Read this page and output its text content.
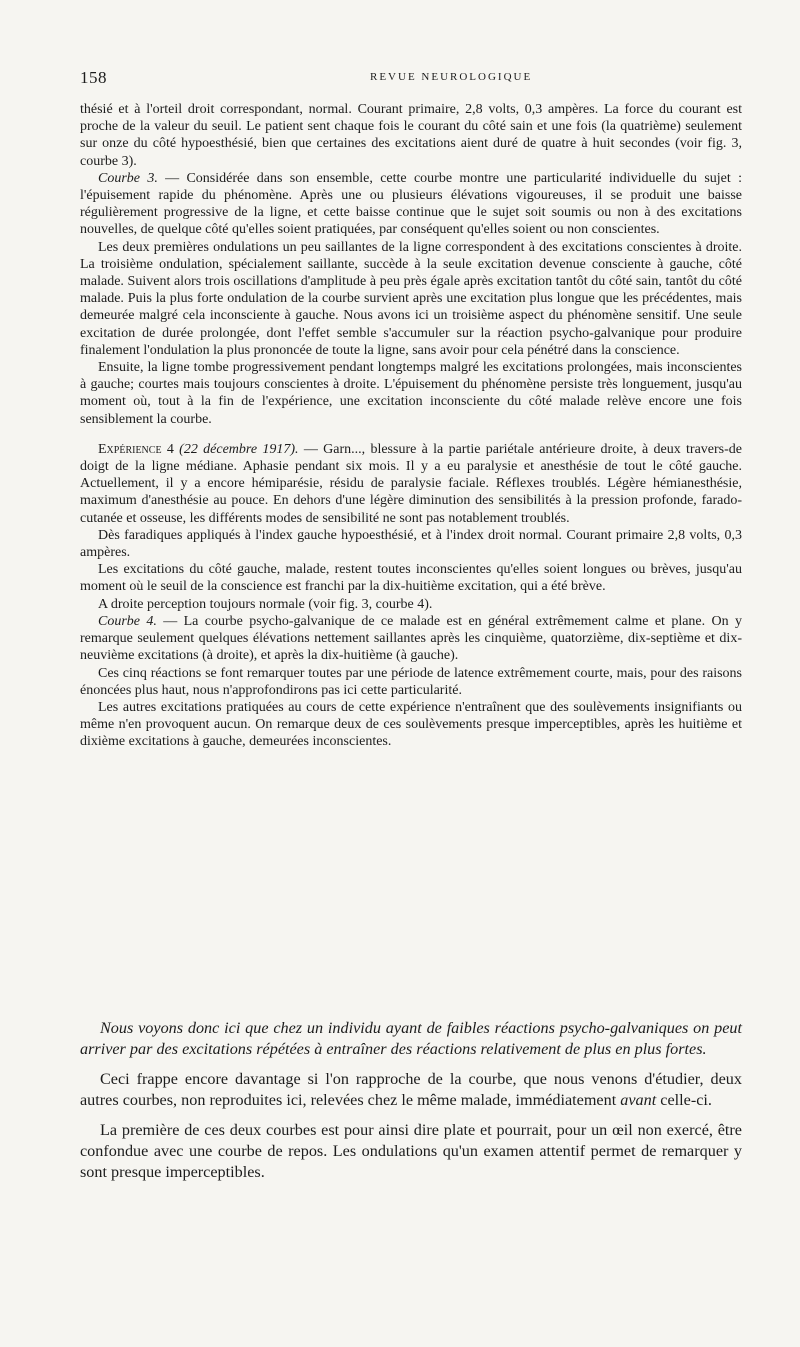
158	REVUE NEUROLOGIQUE

thésié et à l'orteil droit correspondant, normal. Courant primaire, 2,8 volts, 0,3 ampères. La force du courant est proche de la valeur du seuil. Le patient sent chaque fois le courant du côté sain et une fois (la quatrième) seulement sur onze du côté hypoesthésié, bien que certaines des excitations aient duré de quatre à huit secondes (voir fig. 3, courbe 3).

Courbe 3. — Considérée dans son ensemble, cette courbe montre une particularité individuelle du sujet : l'épuisement rapide du phénomène. Après une ou plusieurs élévations vigoureuses, il se produit une baisse régulièrement progressive de la ligne, et cette baisse continue que le sujet soit soumis ou non à des excitations nouvelles, de quelque côté qu'elles soient pratiquées, par conséquent qu'elles soient ou non conscientes.

Les deux premières ondulations un peu saillantes de la ligne correspondent à des excitations conscientes à droite. La troisième ondulation, spécialement saillante, succède à la seule excitation devenue consciente à gauche, côté malade. Suivent alors trois oscillations d'amplitude à peu près égale après excitation tantôt du côté sain, tantôt du côté malade. Puis la plus forte ondulation de la courbe survient après une excitation plus longue que les précédentes, mais demeurée malgré cela inconsciente à gauche. Nous avons ici un troisième aspect du phénomène sensitif. Une seule excitation de durée prolongée, dont l'effet semble s'accumuler sur la réaction psycho-galvanique pour produire finalement l'ondulation la plus prononcée de toute la ligne, sans avoir pour cela pénétré dans la conscience.

Ensuite, la ligne tombe progressivement pendant longtemps malgré les excitations prolongées, mais inconscientes à gauche; courtes mais toujours conscientes à droite. L'épuisement du phénomène persiste très longuement, jusqu'au moment où, tout à la fin de l'expérience, une excitation inconsciente du côté malade relève encore une fois sensiblement la courbe.

Expérience 4 (22 décembre 1917). — Garn..., blessure à la partie pariétale antérieure droite, à deux travers-de doigt de la ligne médiane. Aphasie pendant six mois. Il y a eu paralysie et anesthésie de tout le côté gauche. Actuellement, il y a encore hémiparésie, résidu de paralysie faciale. Réflexes troublés. Légère hémianesthésie, maximum d'anesthésie au pouce. En dehors d'une légère diminution des sensibilités à la pression profonde, farado-cutanée et osseuse, les différents modes de sensibilité ne sont pas notablement troublés.

Dès faradiques appliqués à l'index gauche hypoesthésié, et à l'index droit normal. Courant primaire 2,8 volts, 0,3 ampères.

Les excitations du côté gauche, malade, restent toutes inconscientes qu'elles soient longues ou brèves, jusqu'au moment où le seuil de la conscience est franchi par la dix-huitième excitation, qui a été brève.

A droite perception toujours normale (voir fig. 3, courbe 4).

Courbe 4. — La courbe psycho-galvanique de ce malade est en général extrêmement calme et plane. On y remarque seulement quelques élévations nettement saillantes après les cinquième, quatorzième, dix-septième et dix-neuvième excitations (à droite), et après la dix-huitième (à gauche).

Ces cinq réactions se font remarquer toutes par une période de latence extrêmement courte, mais, pour des raisons énoncées plus haut, nous n'approfondirons pas ici cette particularité.

Les autres excitations pratiquées au cours de cette expérience n'entraînent que des soulèvements insignifiants ou même n'en provoquent aucun. On remarque deux de ces soulèvements presque imperceptibles, après les huitième et dixième excitations à gauche, demeurées inconscientes.

Nous voyons donc ici que chez un individu ayant de faibles réactions psycho-galvaniques on peut arriver par des excitations répétées à entraîner des réactions relativement de plus en plus fortes.

Ceci frappe encore davantage si l'on rapproche de la courbe, que nous venons d'étudier, deux autres courbes, non reproduites ici, relevées chez le même malade, immédiatement avant celle-ci.

La première de ces deux courbes est pour ainsi dire plate et pourrait, pour un œil non exercé, être confondue avec une courbe de repos. Les ondulations qu'un examen attentif permet de remarquer y sont presque imperceptibles.
